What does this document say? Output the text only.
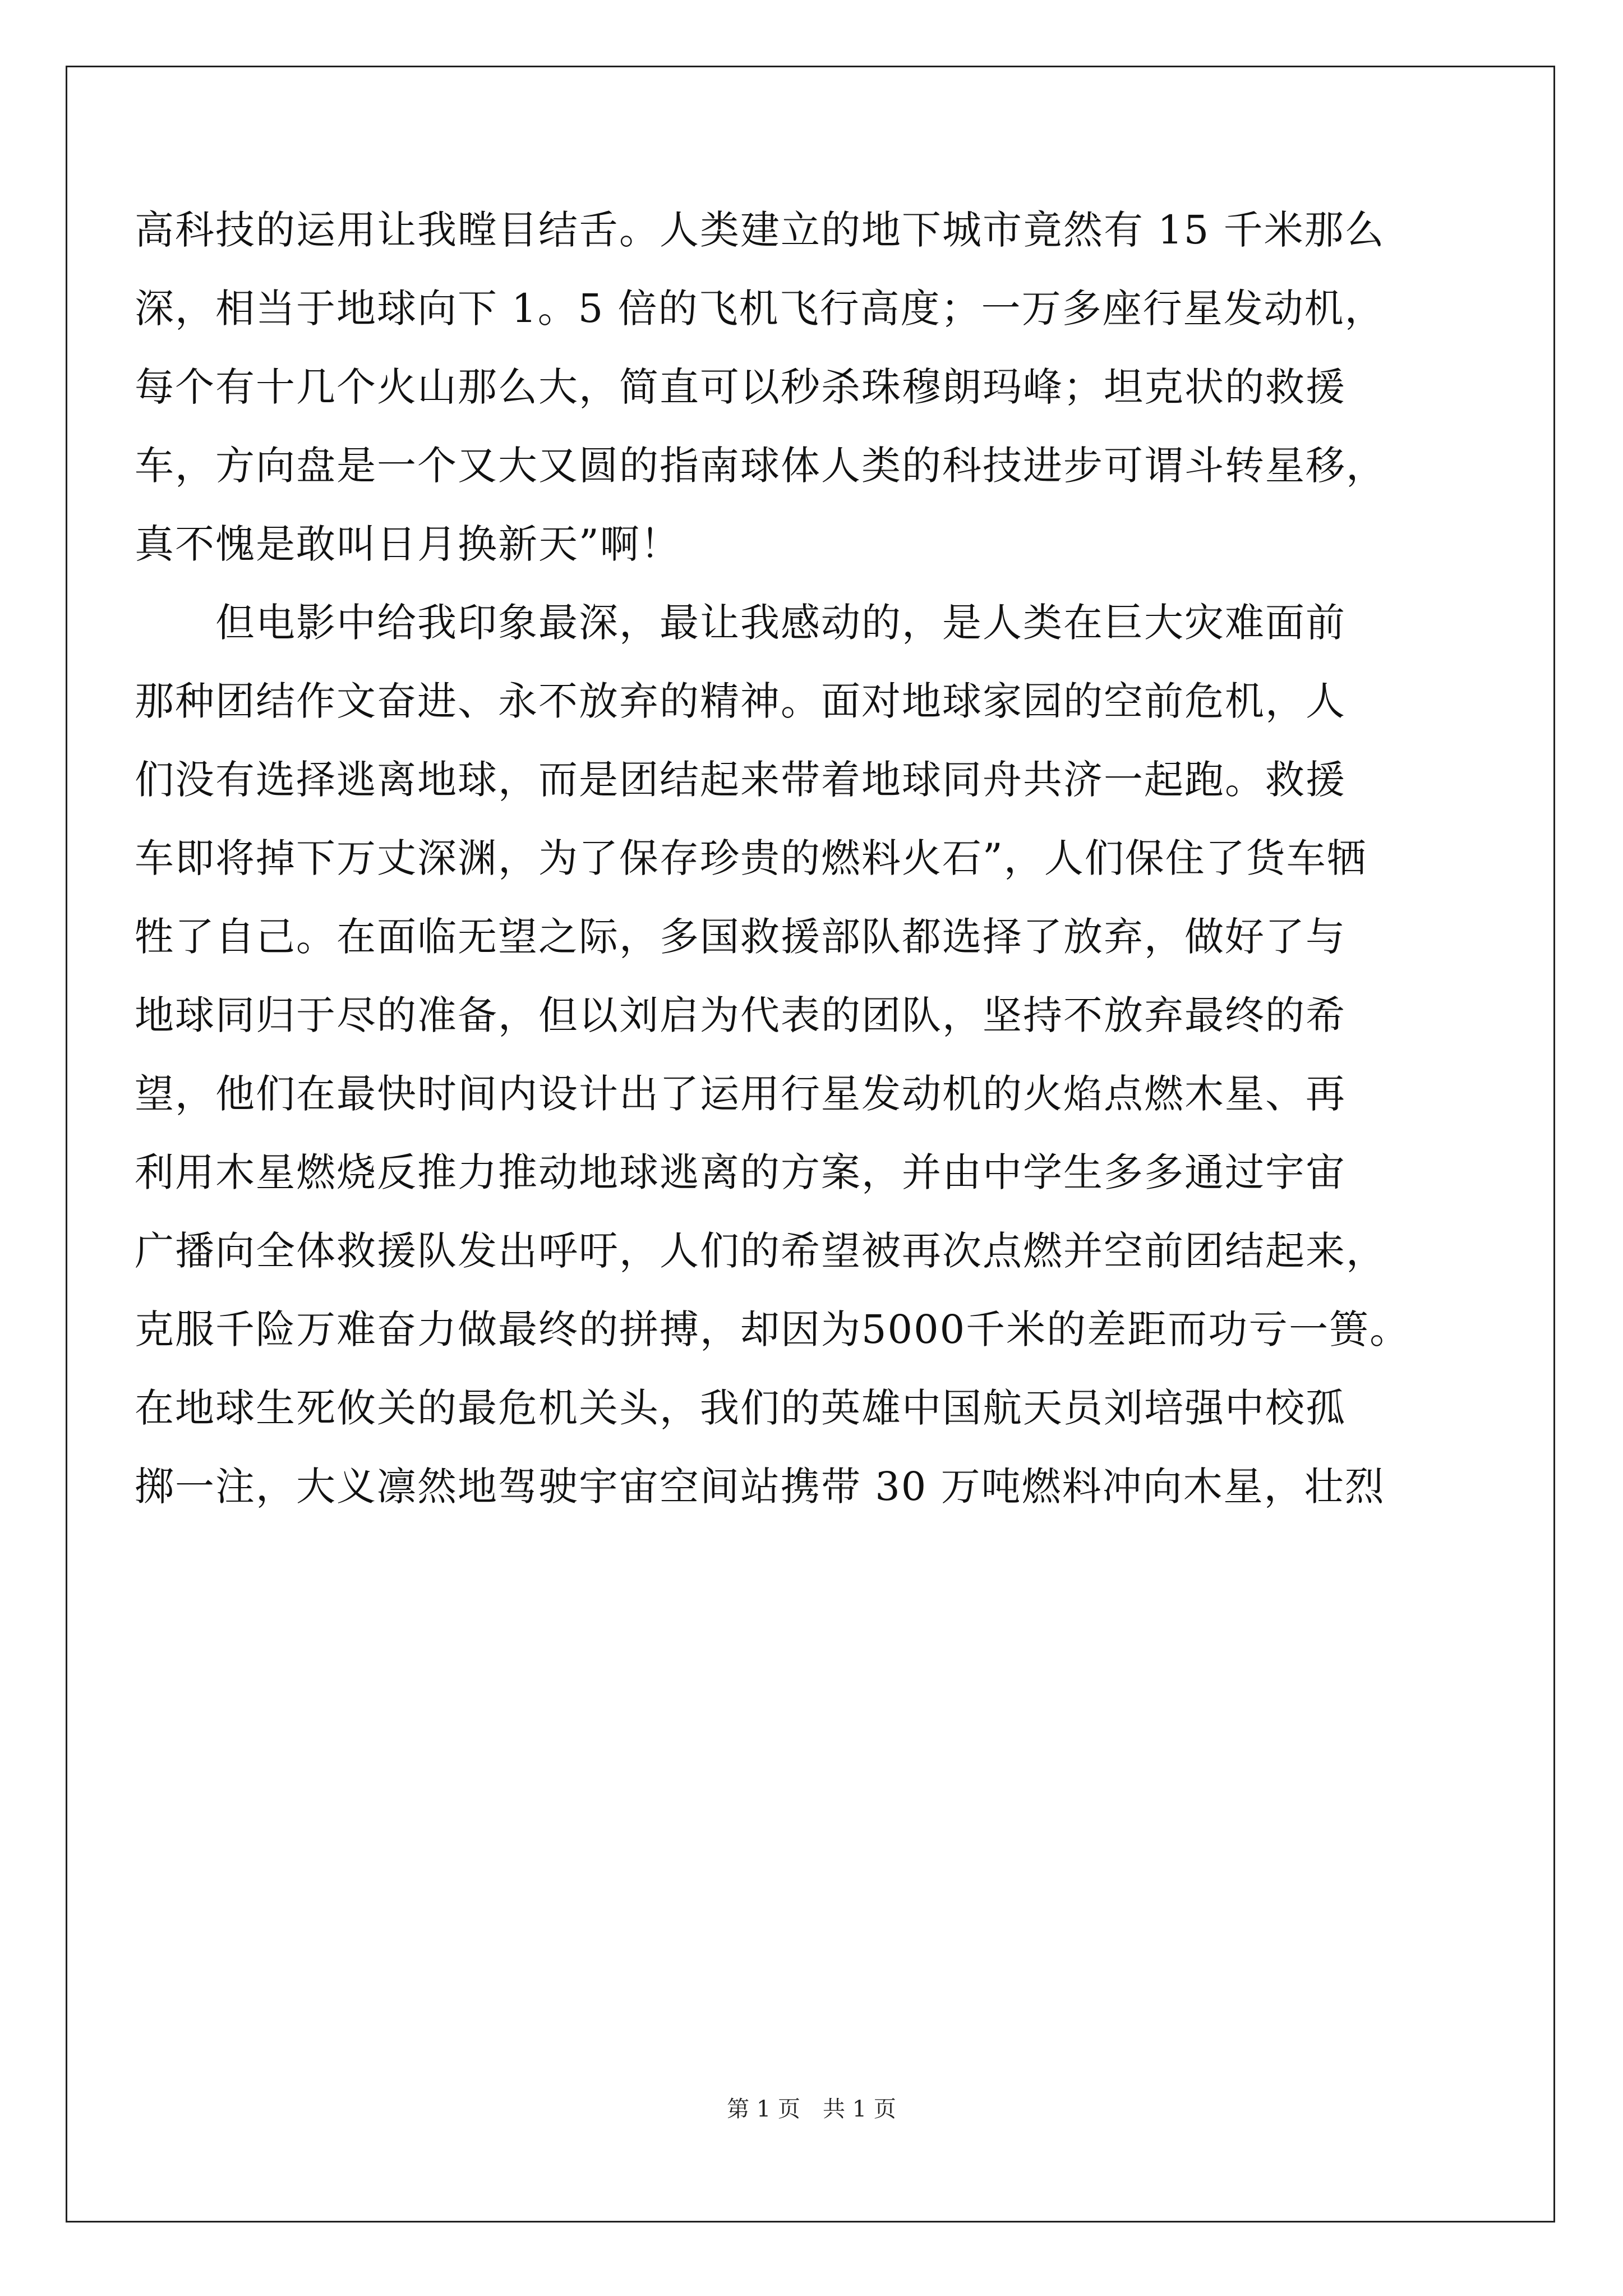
高科技的运用让我瞠目结舌。人类建立的地下城市竟然有 15 千米那么
深，相当于地球向下 1。5 倍的飞机飞行高度；一万多座行星发动机，
每个有十几个火山那么大，简直可以秒杀珠穆朗玛峰；坦克状的救援
车，方向盘是一个又大又圆的指南球体人类的科技进步可谓斗转星移，
真不愧是敢叫日月换新天”啊！
　　但电影中给我印象最深，最让我感动的，是人类在巨大灾难面前
那种团结作文奋进、永不放弃的精神。面对地球家园的空前危机，人
们没有选择逃离地球，而是团结起来带着地球同舟共济一起跑。救援
车即将掉下万丈深渊，为了保存珍贵的燃料火石”，人们保住了货车牺
牲了自己。在面临无望之际，多国救援部队都选择了放弃，做好了与
地球同归于尽的准备，但以刘启为代表的团队，坚持不放弃最终的希
望，他们在最快时间内设计出了运用行星发动机的火焰点燃木星、再
利用木星燃烧反推力推动地球逃离的方案，并由中学生多多通过宇宙
广播向全体救援队发出呼吁，人们的希望被再次点燃并空前团结起来，
克服千险万难奋力做最终的拼搏，却因为5000千米的差距而功亏一篑。
在地球生死攸关的最危机关头，我们的英雄中国航天员刘培强中校孤
掷一注，大义凛然地驾驶宇宙空间站携带 30 万吨燃料冲向木星，壮烈
第 1 页　共 1 页
